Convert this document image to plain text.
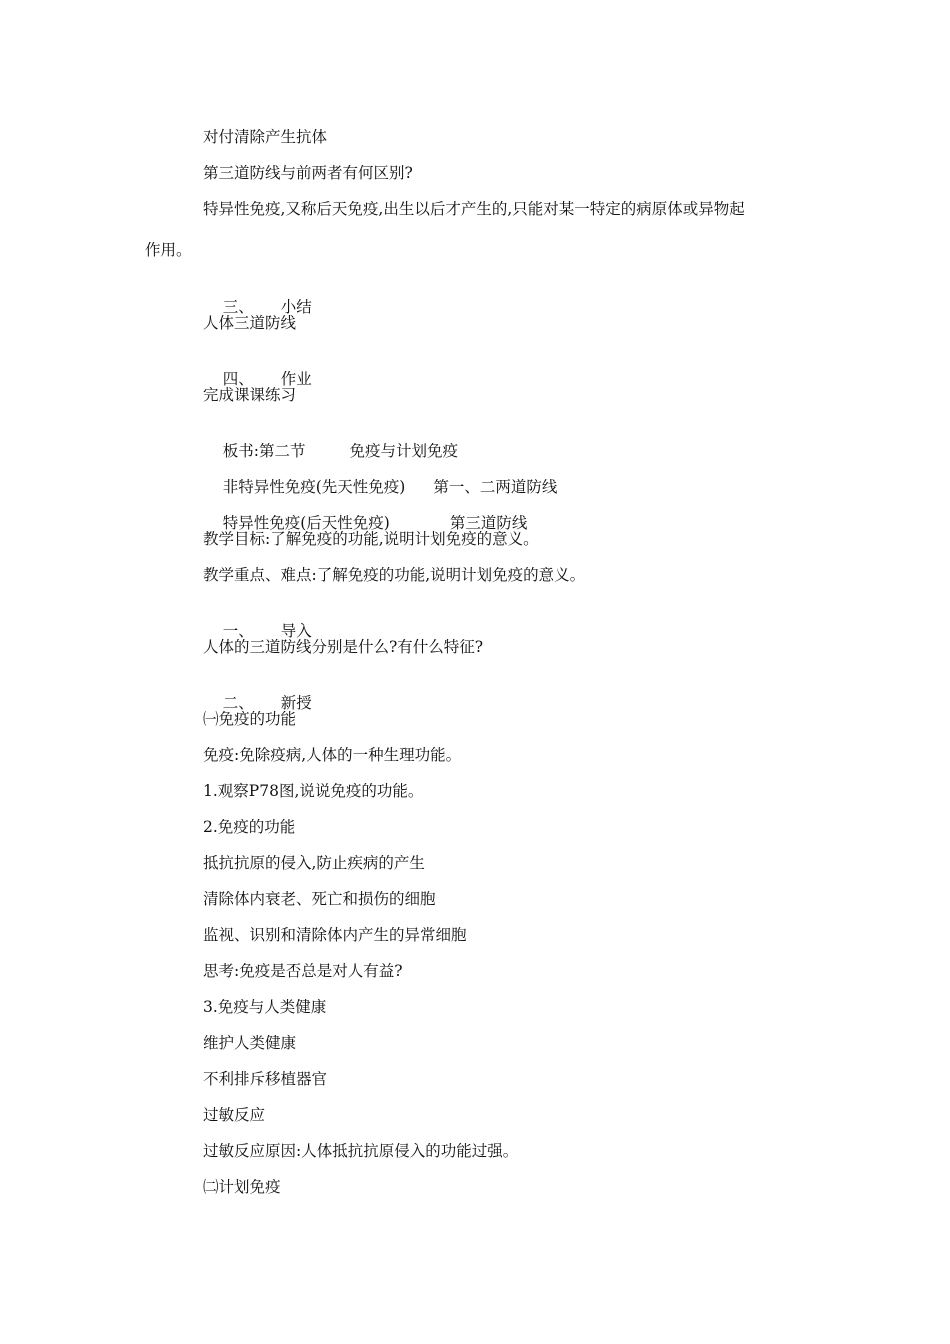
对付清除产生抗体
第三道防线与前两者有何区别?
特异性免疫,又称后天免疫,出生以后才产生的,只能对某一特定的病原体或异物起
作用。

三、 小结

人体三道防线

四、 作业

完成课课练习

板书:第二节	免疫与计划免疫

非特异性免疫(先天性免疫) 第一、二两道防线

特异性免疫(后天性免疫)	第三道防线

教学目标:了解免疫的功能,说明计划免疫的意义。
教学重点、难点:了解免疫的功能,说明计划免疫的意义。

一、 导入

人体的三道防线分别是什么?有什么特征?

二、 新授

㈠免疫的功能
免疫:免除疫病,人体的一种生理功能。
1.观察P78图,说说免疫的功能。
2.免疫的功能
抵抗抗原的侵入,防止疾病的产生
清除体内衰老、死亡和损伤的细胞
监视、识别和清除体内产生的异常细胞
思考:免疫是否总是对人有益?
3.免疫与人类健康
维护人类健康
不利排斥移植器官
过敏反应
过敏反应原因:人体抵抗抗原侵入的功能过强。
㈡计划免疫
